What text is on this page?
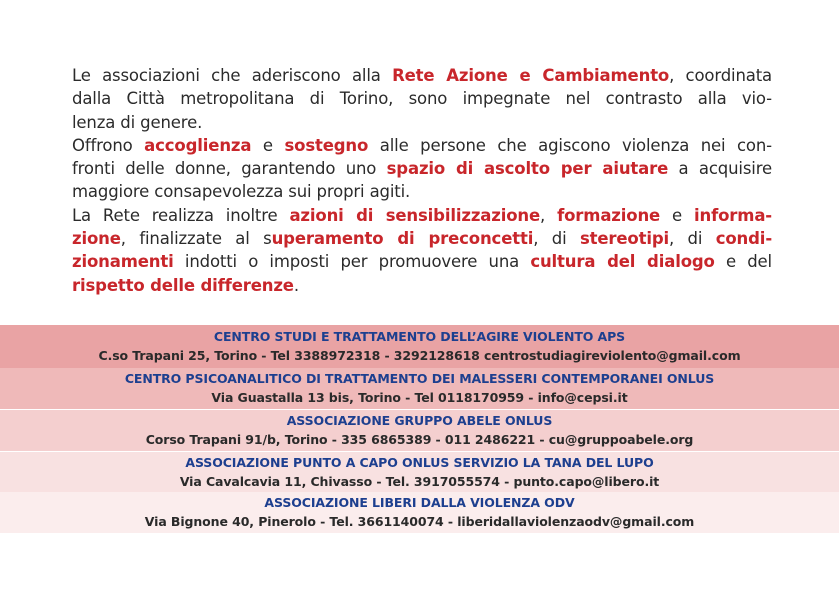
Le associazioni che aderiscono alla Rete Azione e Cambiamento, coordinata
dalla Città metropolitana di Torino, sono impegnate nel contrasto alla vio-
lenza di genere.
Offrono accoglienza e sostegno alle persone che agiscono violenza nei con-
fronti delle donne, garantendo uno spazio di ascolto per aiutare a acquisire
maggiore consapevolezza sui propri agiti.
La Rete realizza inoltre azioni di sensibilizzazione, formazione e informa-
zione, finalizzate al superamento di preconcetti, di stereotipi, di condi-
zionamenti indotti o imposti per promuovere una cultura del dialogo e del
rispetto delle differenze.
CENTRO STUDI E TRATTAMENTO DELL’AGIRE VIOLENTO APS
C.so Trapani 25, Torino - Tel 3388972318 - 3292128618 centrostudiagireviolento@gmail.com
CENTRO PSICOANALITICO DI TRATTAMENTO DEI MALESSERI CONTEMPORANEI ONLUS
Via Guastalla 13 bis, Torino - Tel 0118170959 - info@cepsi.it
ASSOCIAZIONE GRUPPO ABELE ONLUS
Corso Trapani 91/b, Torino - 335 6865389 - 011 2486221 - cu@gruppoabele.org
ASSOCIAZIONE PUNTO A CAPO ONLUS SERVIZIO LA TANA DEL LUPO
Via Cavalcavia 11, Chivasso - Tel. 3917055574 - punto.capo@libero.it
ASSOCIAZIONE LIBERI DALLA VIOLENZA ODV
Via Bignone 40, Pinerolo - Tel. 3661140074 - liberidallaviolenzaodv@gmail.com
